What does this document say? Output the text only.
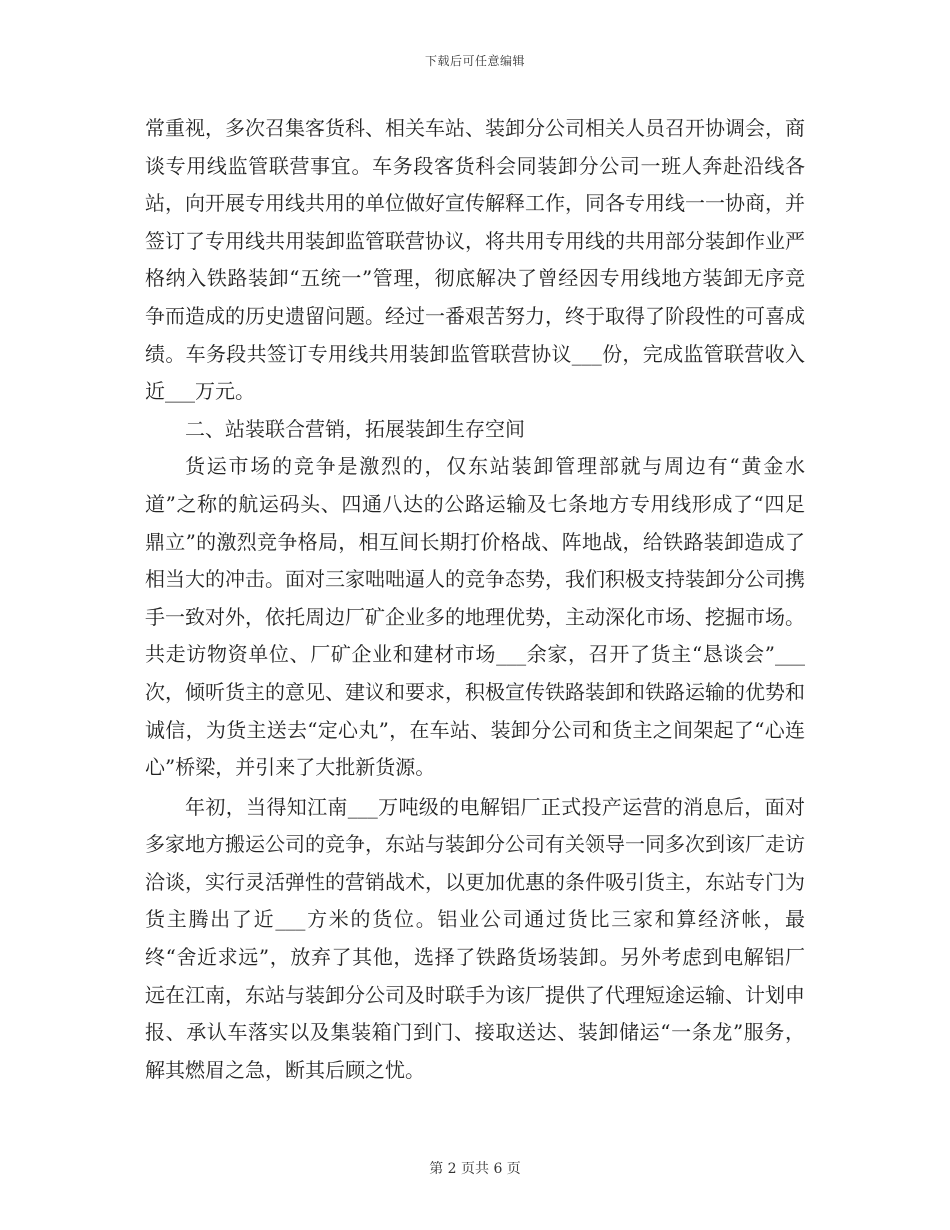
下载后可任意编辑

常重视，多次召集客货科、相关车站、装卸分公司相关人员召开协调会，商谈专用线监管联营事宜。车务段客货科会同装卸分公司一班人奔赴沿线各站，向开展专用线共用的单位做好宣传解释工作，同各专用线一一协商，并签订了专用线共用装卸监管联营协议，将共用专用线的共用部分装卸作业严格纳入铁路装卸“五统一”管理，彻底解决了曾经因专用线地方装卸无序竞争而造成的历史遗留问题。经过一番艰苦努力，终于取得了阶段性的可喜成绩。车务段共签订专用线共用装卸监管联营协议___份，完成监管联营收入近___万元。

二、站装联合营销，拓展装卸生存空间

货运市场的竞争是激烈的，仅东站装卸管理部就与周边有“黄金水道”之称的航运码头、四通八达的公路运输及七条地方专用线形成了“四足鼎立”的激烈竞争格局，相互间长期打价格战、阵地战，给铁路装卸造成了相当大的冲击。面对三家咄咄逼人的竞争态势，我们积极支持装卸分公司携手一致对外，依托周边厂矿企业多的地理优势，主动深化市场、挖掘市场。共走访物资单位、厂矿企业和建材市场___余家，召开了货主“恳谈会”___次，倾听货主的意见、建议和要求，积极宣传铁路装卸和铁路运输的优势和诚信，为货主送去“定心丸”，在车站、装卸分公司和货主之间架起了“心连心”桥梁，并引来了大批新货源。

年初，当得知江南___万吨级的电解铝厂正式投产运营的消息后，面对多家地方搬运公司的竞争，东站与装卸分公司有关领导一同多次到该厂走访洽谈，实行灵活弹性的营销战术，以更加优惠的条件吸引货主，东站专门为货主腾出了近___方米的货位。铝业公司通过货比三家和算经济帐，最终“舍近求远”，放弃了其他，选择了铁路货场装卸。另外考虑到电解铝厂远在江南，东站与装卸分公司及时联手为该厂提供了代理短途运输、计划申报、承认车落实以及集装箱门到门、接取送达、装卸储运“一条龙”服务，解其燃眉之急，断其后顾之忧。

第 2 页共 6 页
